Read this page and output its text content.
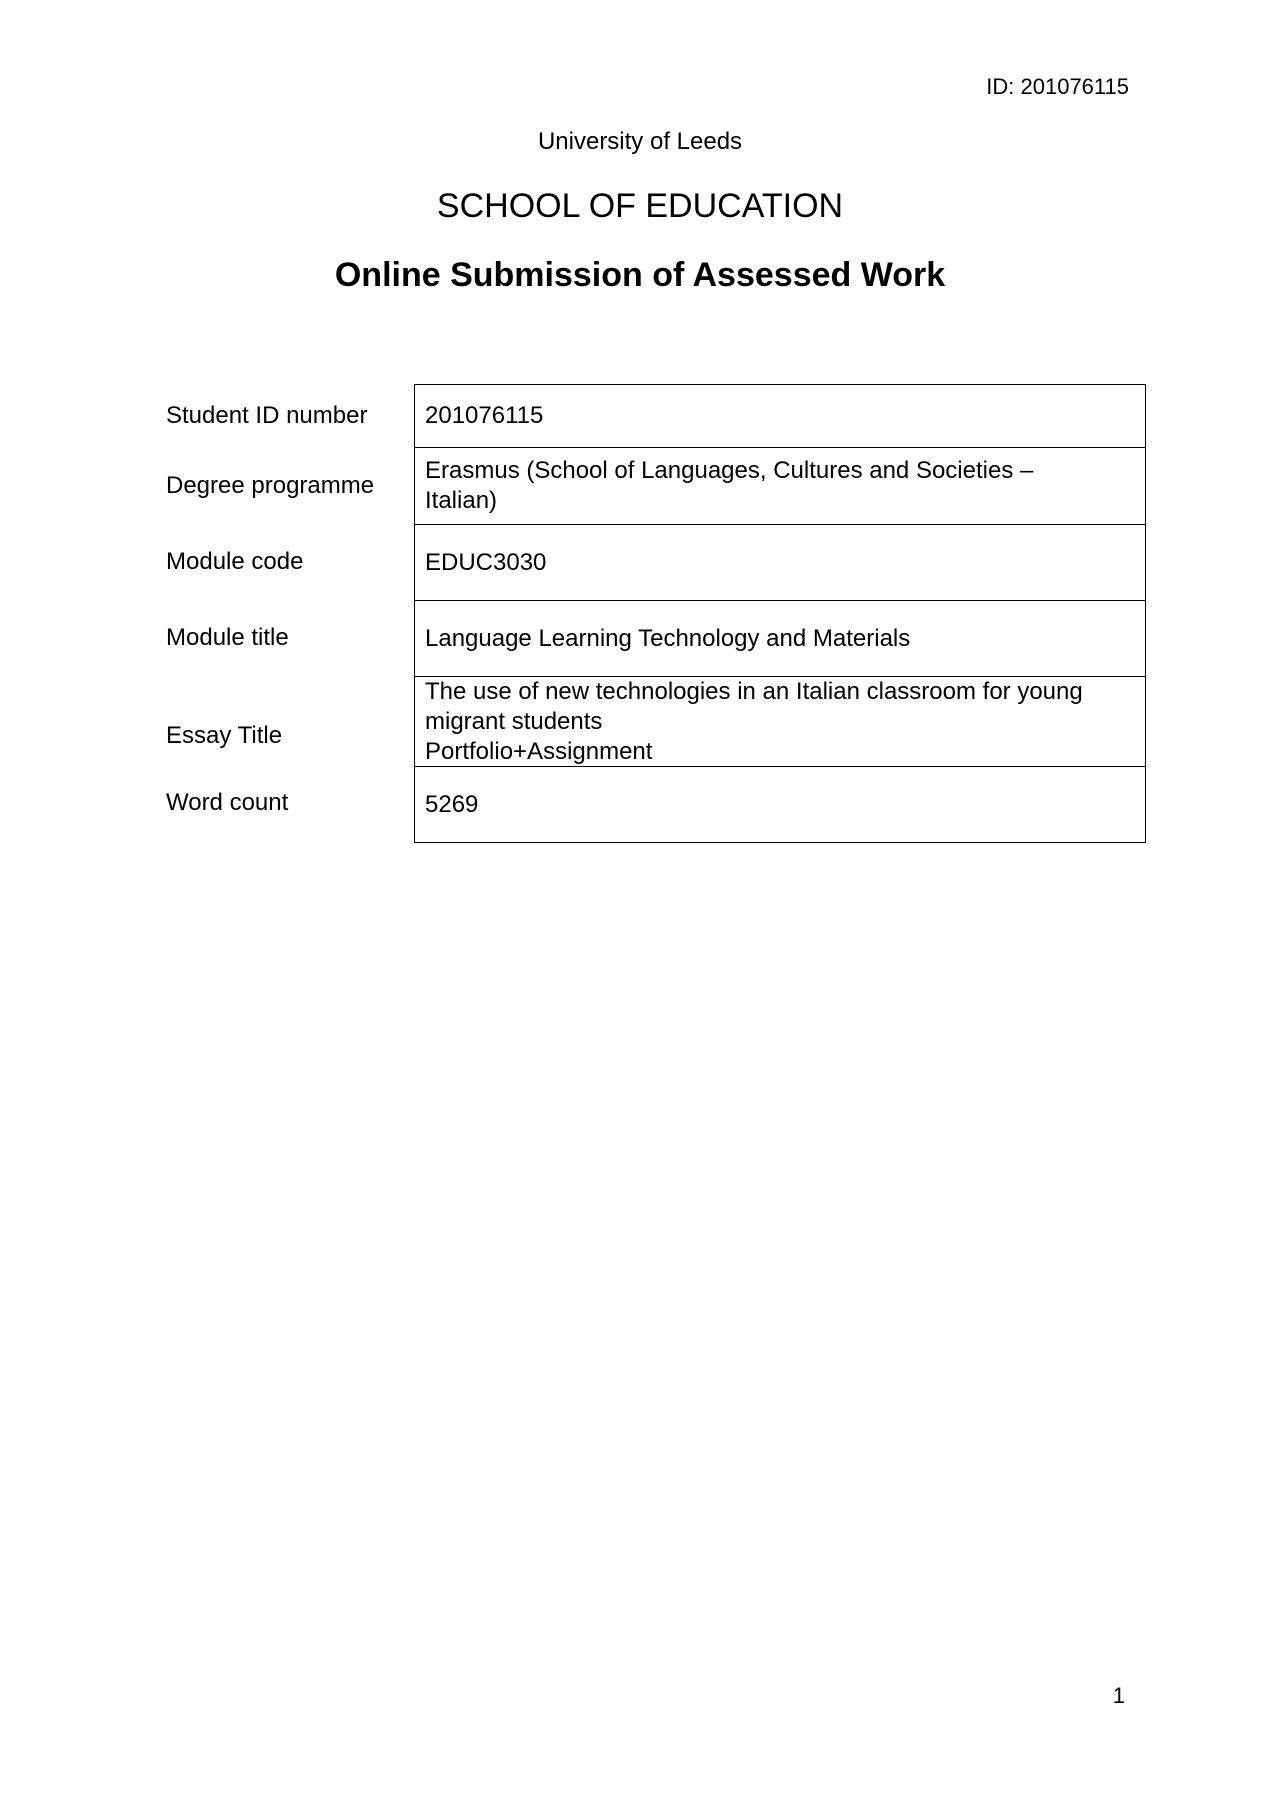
ID: 201076115
University of Leeds
SCHOOL OF EDUCATION
Online Submission of Assessed Work
Student ID number
Degree programme
Module code
Module title
Essay Title
Word count
201076115
Erasmus (School of Languages, Cultures and Societies –
Italian)
EDUC3030
Language Learning Technology and Materials
The use of new technologies in an Italian classroom for young
migrant students
Portfolio+Assignment
5269
1
